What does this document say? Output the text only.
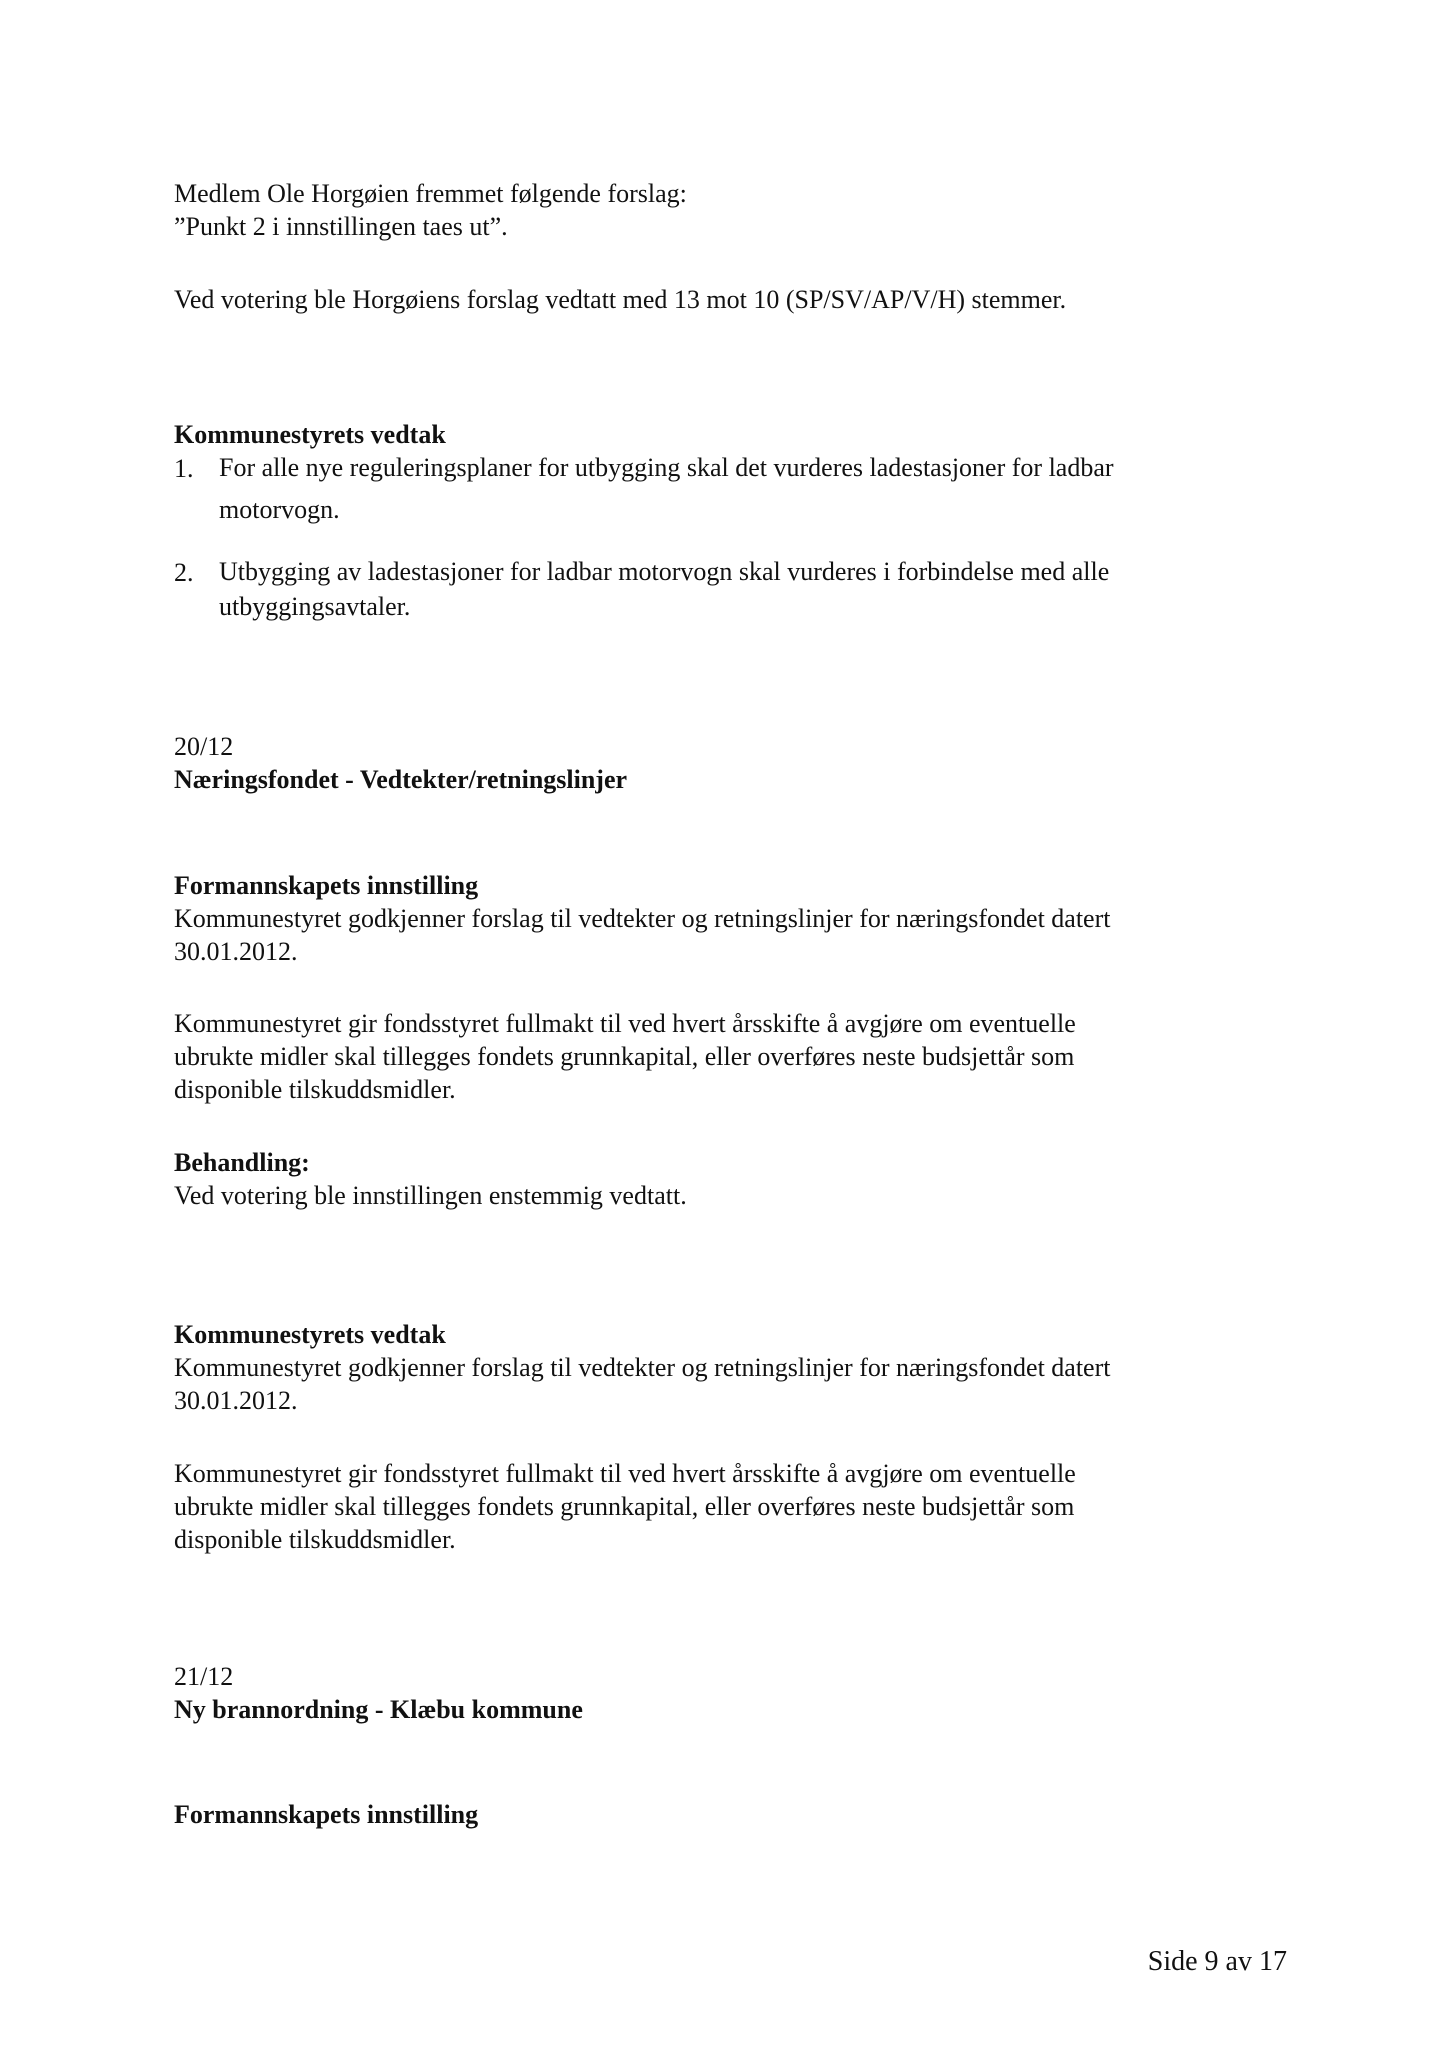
Medlem Ole Horgøien fremmet følgende forslag:
”Punkt 2 i innstillingen taes ut”.
Ved votering ble Horgøiens forslag vedtatt med 13 mot 10 (SP/SV/AP/V/H) stemmer.
Kommunestyrets vedtak
1. For alle nye reguleringsplaner for utbygging skal det vurderes ladestasjoner for ladbar
motorvogn.
2. Utbygging av ladestasjoner for ladbar motorvogn skal vurderes i forbindelse med alle
utbyggingsavtaler.
20/12
Næringsfondet - Vedtekter/retningslinjer
Formannskapets innstilling
Kommunestyret godkjenner forslag til vedtekter og retningslinjer for næringsfondet datert
30.01.2012.
Kommunestyret gir fondsstyret fullmakt til ved hvert årsskifte å avgjøre om eventuelle
ubrukte midler skal tillegges fondets grunnkapital, eller overføres neste budsjettår som
disponible tilskuddsmidler.
Behandling:
Ved votering ble innstillingen enstemmig vedtatt.
Kommunestyrets vedtak
Kommunestyret godkjenner forslag til vedtekter og retningslinjer for næringsfondet datert
30.01.2012.
Kommunestyret gir fondsstyret fullmakt til ved hvert årsskifte å avgjøre om eventuelle
ubrukte midler skal tillegges fondets grunnkapital, eller overføres neste budsjettår som
disponible tilskuddsmidler.
21/12
Ny brannordning - Klæbu kommune
Formannskapets innstilling
Side 9 av 17
